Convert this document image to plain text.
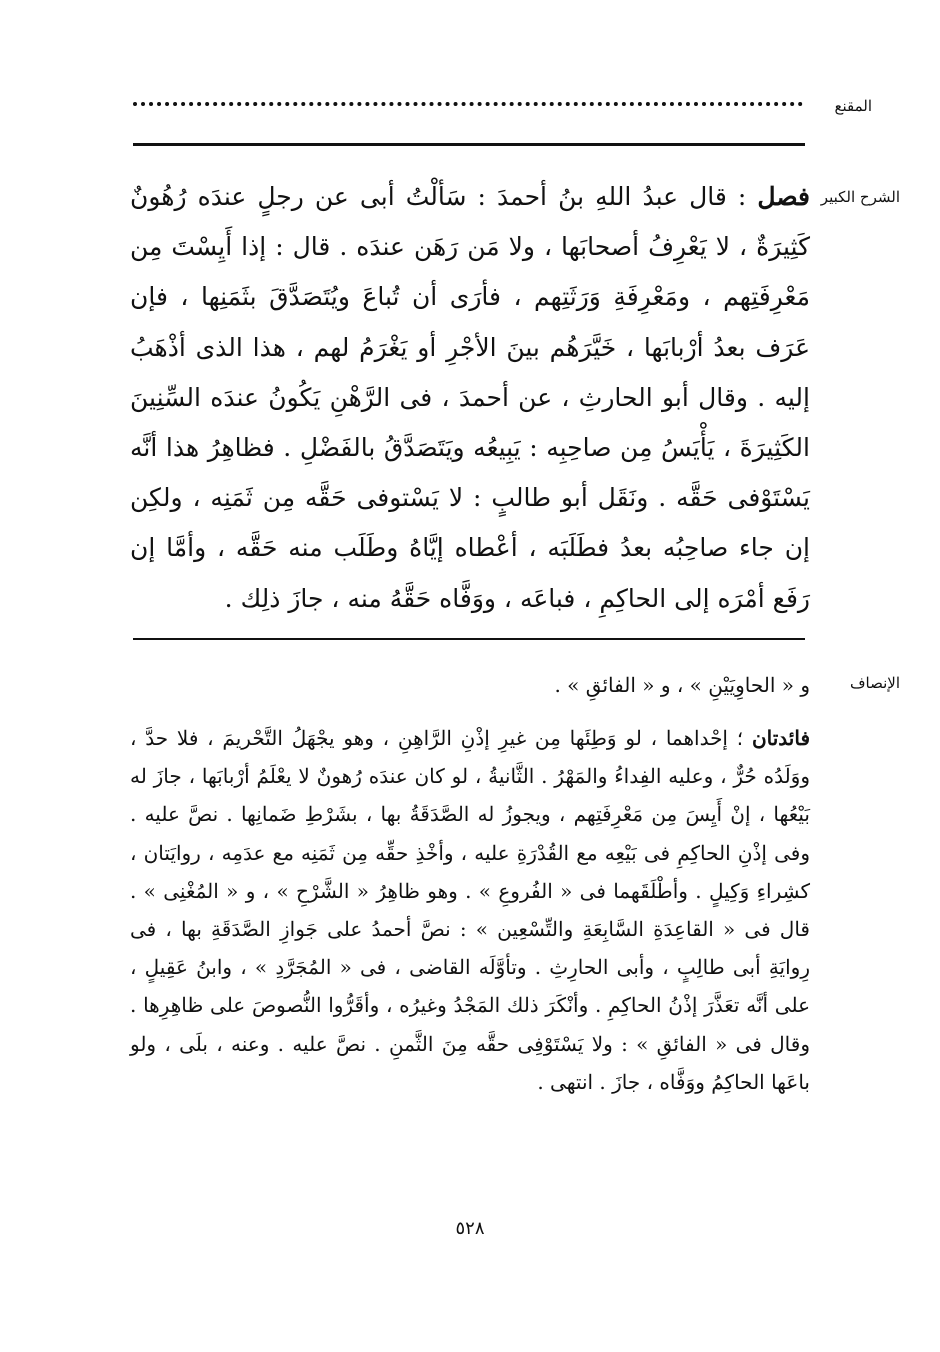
المقنع
الشرح الكبير
فصل : قال عبدُ اللهِ بنُ أحمدَ : سَألْتُ أبى عن رجلٍ عندَه رُهُونٌ كَثِيرَةٌ ، لا يَعْرِفُ أصحابَها ، ولا مَن رَهَن عندَه . قال : إذا أَيِسْتَ مِن مَعْرِفَتِهم ، ومَعْرِفَةِ وَرَثَتِهم ، فأرَى أن تُباعَ ويُتَصَدَّقَ بثَمَنِها ، فإن عَرَف بعدُ أرْبابَها ، خَيَّرَهُم بينَ الأجْرِ أو يَغْرَمُ لهم ، هذا الذى أذْهَبُ إليه . وقال أبو الحارثِ ، عن أحمدَ ، فى الرَّهْنِ يَكُونُ عندَه السِّنِينَ الكَثِيرَةَ ، يَأْيَسُ مِن صاحِبِه : يَبِيعُه ويَتَصَدَّقُ بالفَضْلِ . فظاهِرُ هذا أنَّه يَسْتَوْفى حَقَّه . ونَقَل أبو طالبٍ : لا يَسْتوفى حَقَّه مِن ثَمَنِه ، ولكِن إن جاء صاحِبُه بعدُ فطَلَبَه ، أعْطاه إيَّاهُ وطَلَب منه حَقَّه ، وأمَّا إن رَفَع أمْرَه إلى الحاكِمِ ، فباعَه ، ووَفَّاه حَقَّهُ منه ، جازَ ذلِك .
الإنصاف
و « الحاوِيَيْنِ » ، و « الفائقِ » .
فائدتان ؛ إحْداهما ، لو وَطِئَها مِن غيرِ إذْنِ الرَّاهِنِ ، وهو يجْهَلُ التَّحْريمَ ، فلا حدَّ ، ووَلَدُه حُرٌّ ، وعليه الفِداءُ والمَهْرُ . الثَّانيةُ ، لو كان عندَه رُهونٌ لا يعْلَمُ أرْبابَها ، جازَ له بَيْعُها ، إنْ أَيِسَ مِن مَعْرِفَتِهم ، ويجوزُ له الصَّدَقَةُ بها ، بشَرْطِ ضَمانِها . نصَّ عليه . وفى إذْنِ الحاكِمِ فى بَيْعِه مع القُدْرَةِ عليه ، وأخْذِ حقِّه مِن ثَمَنِه مع عدَمِه ، روايَتان ، كشِراءِ وَكِيلٍ . وأطْلَقَهما فى « الفُروعِ » . وهو ظاهِرُ « الشَّرْحِ » ، و « المُغْنِى » . قال فى « القاعِدَةِ السَّابِعَةِ والتِّسْعِين » : نصَّ أحمدُ على جَوازِ الصَّدَقَةِ بها ، فى رِوايَةِ أبى طالِبٍ ، وأبى الحارِثِ . وتأوَّلَه القاضى ، فى « المُجَرَّدِ » ، وابنُ عَقِيلٍ ، على أنَّه تعَذَّرَ إذْنُ الحاكِمِ . وأنْكَرَ ذلك المَجْدُ وغيرُه ، وأقَرُّوا النُّصوصَ على ظاهِرِها . وقال فى « الفائقِ » : ولا يَسْتَوْفِى حقَّه مِنَ الثَّمنِ . نصَّ عليه . وعنه ، بلَى ، ولو باعَها الحاكِمُ ووَفَّاه ، جازَ . انتهى .
٥٢٨
